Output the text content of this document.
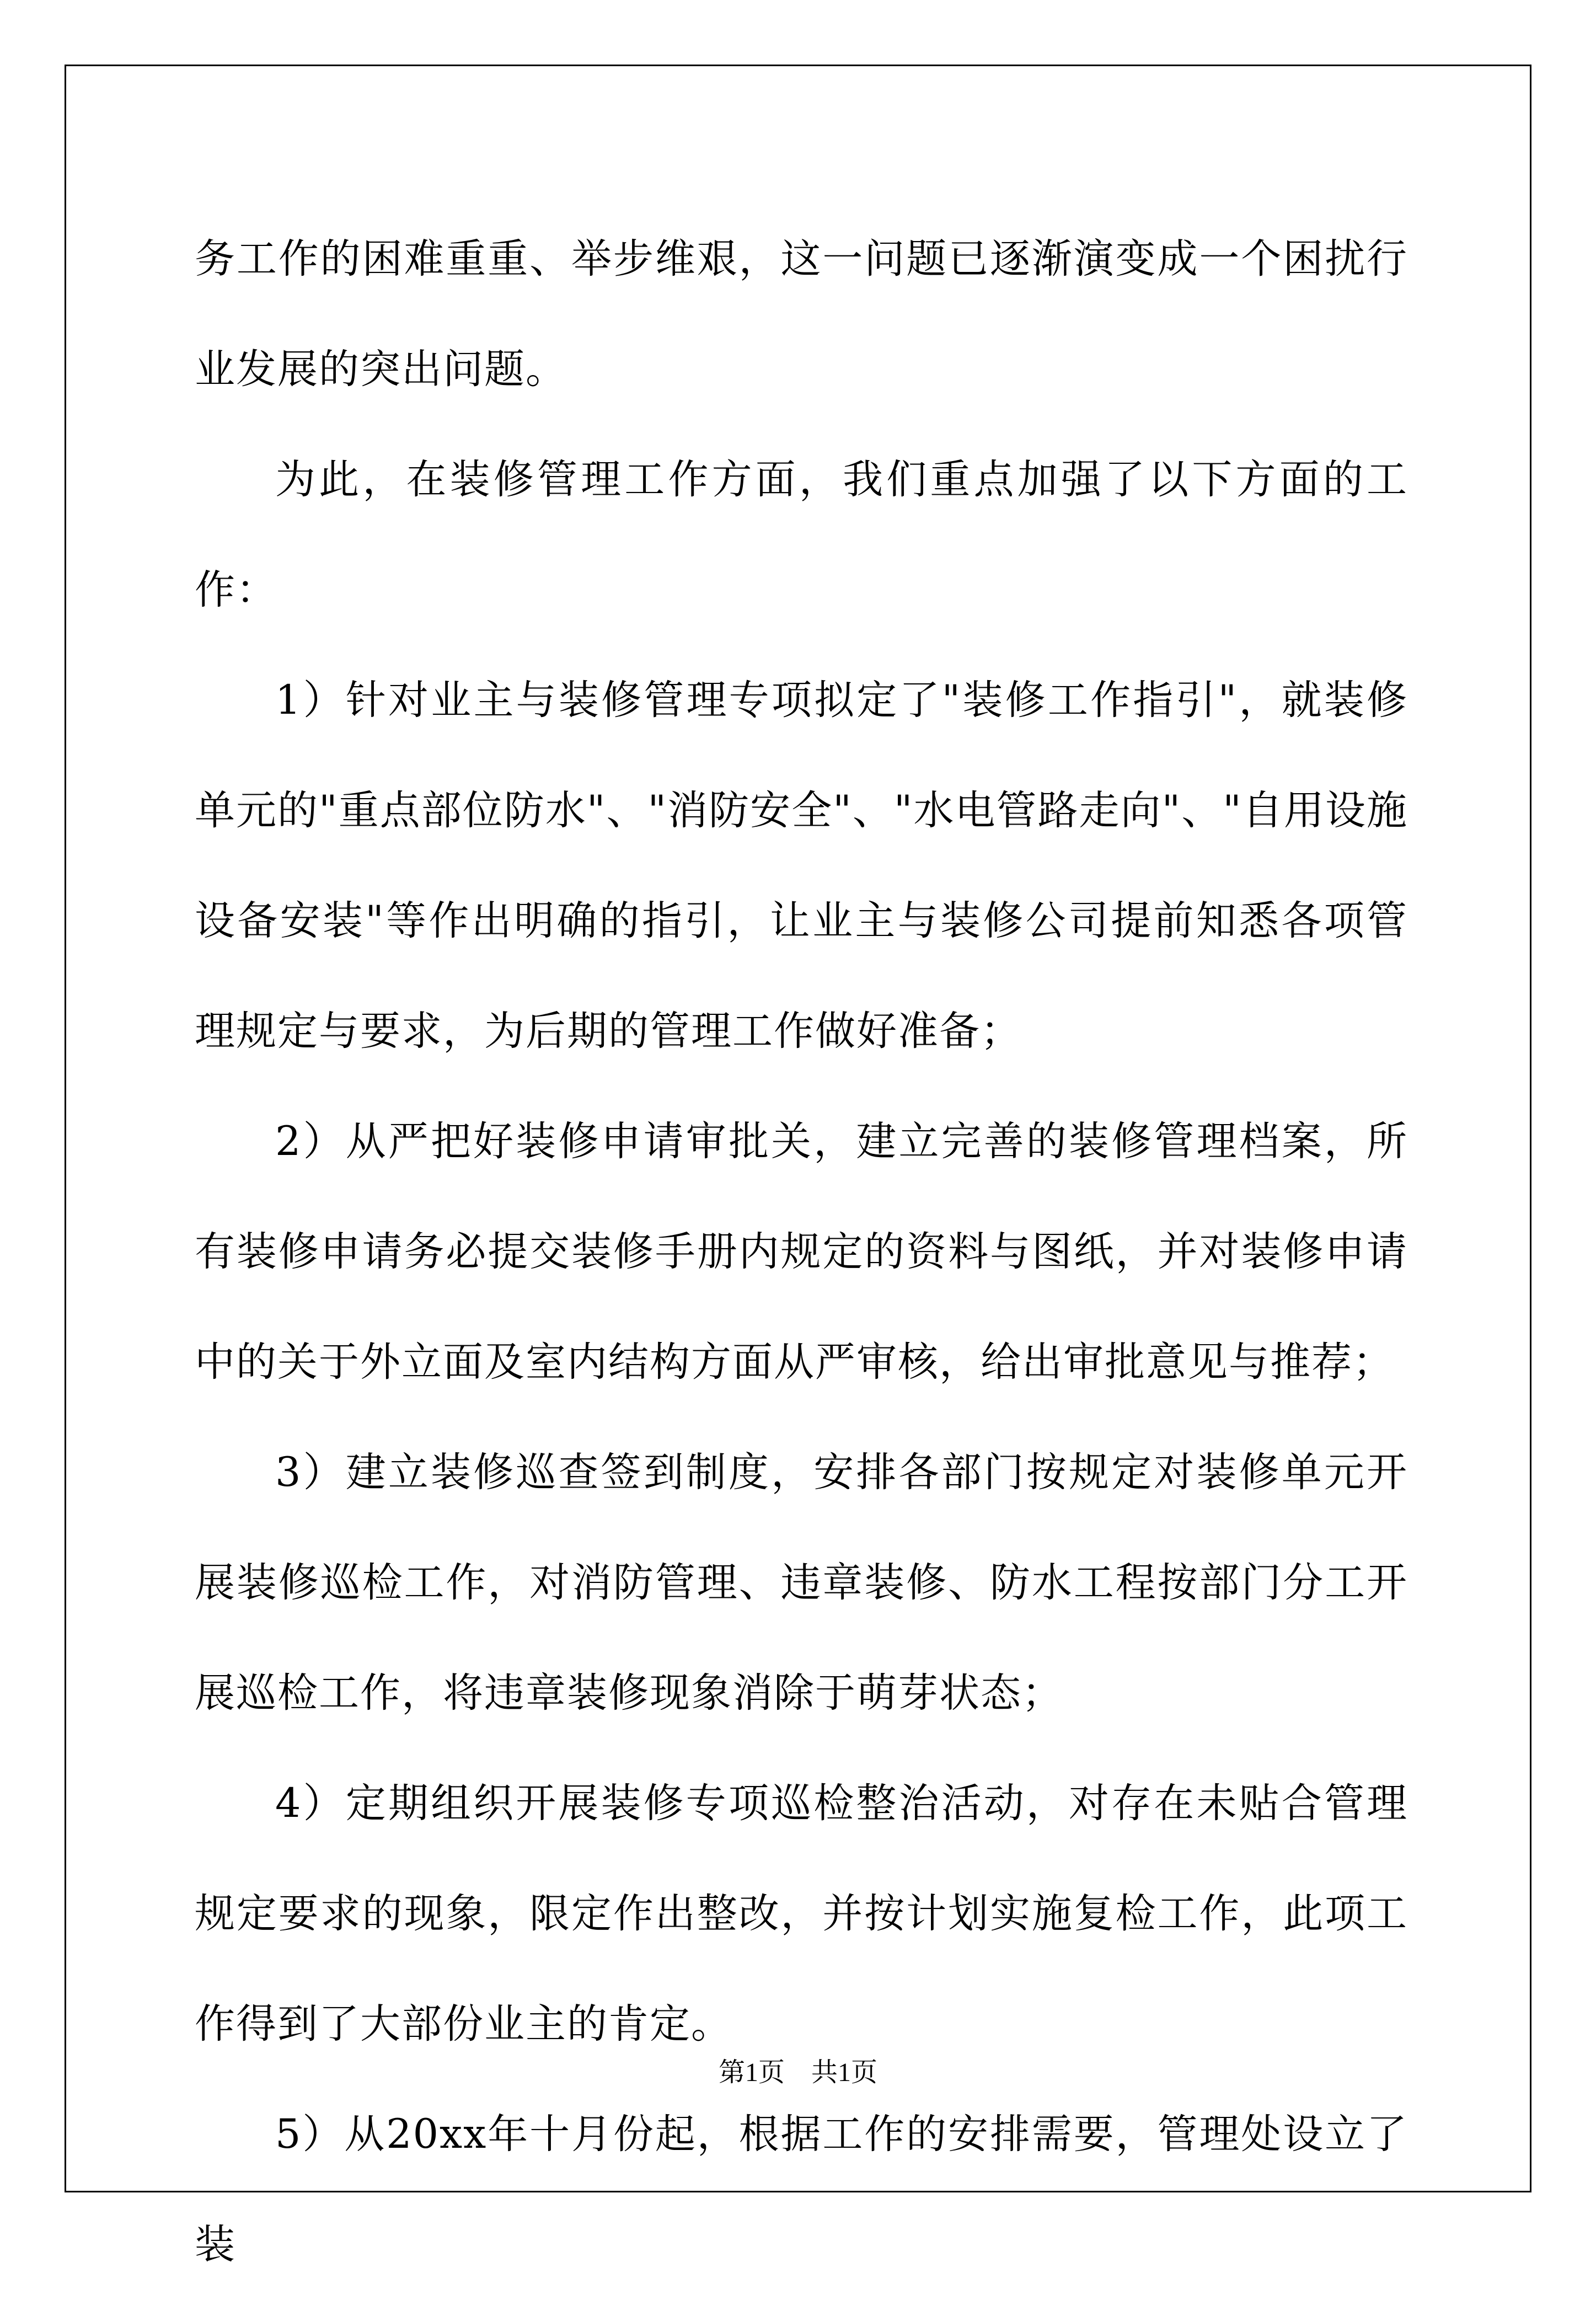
务工作的困难重重、举步维艰，这一问题已逐渐演变成一个困扰行业发展的突出问题。

为此，在装修管理工作方面，我们重点加强了以下方面的工作：

1）针对业主与装修管理专项拟定了"装修工作指引"，就装修单元的"重点部位防水"、"消防安全"、"水电管路走向"、"自用设施设备安装"等作出明确的指引，让业主与装修公司提前知悉各项管理规定与要求，为后期的管理工作做好准备；

2）从严把好装修申请审批关，建立完善的装修管理档案，所有装修申请务必提交装修手册内规定的资料与图纸，并对装修申请中的关于外立面及室内结构方面从严审核，给出审批意见与推荐；

3）建立装修巡查签到制度，安排各部门按规定对装修单元开展装修巡检工作，对消防管理、违章装修、防水工程按部门分工开展巡检工作，将违章装修现象消除于萌芽状态；

4）定期组织开展装修专项巡检整治活动，对存在未贴合管理规定要求的现象，限定作出整改，并按计划实施复检工作，此项工作得到了大部份业主的肯定。

5）从20xx年十月份起，根据工作的安排需要，管理处设立了装

第1页　共1页
